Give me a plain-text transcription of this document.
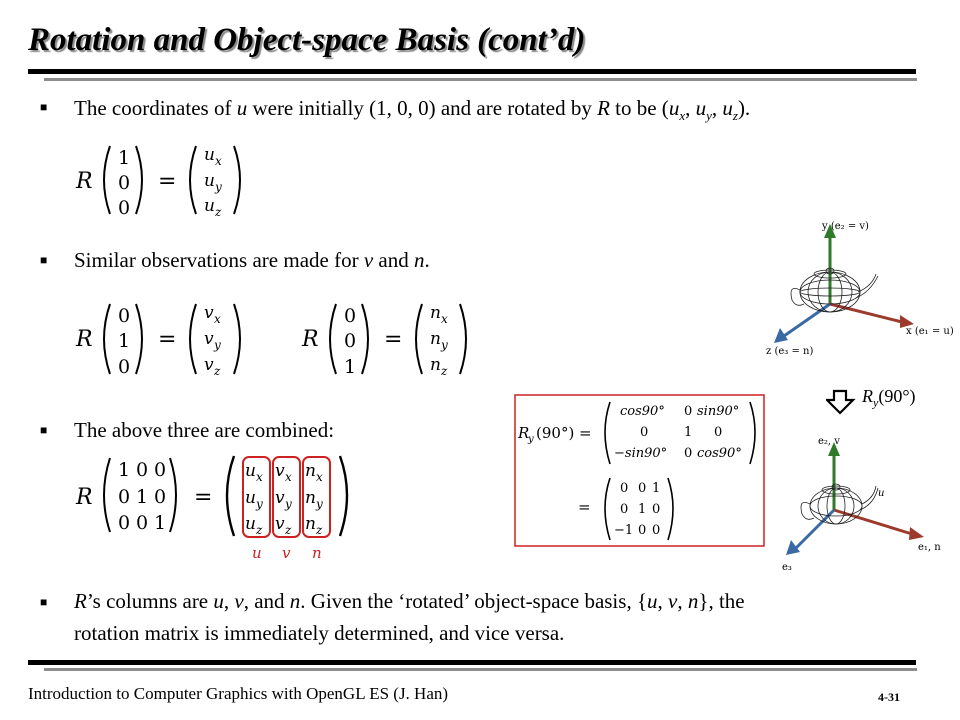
Rotation and Object-space Basis (cont’d)
■ The coordinates of u were initially (1, 0, 0) and are rotated by R to be ($u_x$, $u_y$, $u_z$).
R
1
0
0
=
u x
u y
u z
■ Similar observations are made for v and n.
R
0
1
0
=
v x
v y
v z
R
0
0
1
=
n x
n y
n z
■ The above three are combined:
R
1 0 0
0 1 0
0 0 1
=
u x
u y
u z
v x
v y
v z
n x
n y
n z
u v n
R
y (90°) =
cos90° 0 sin90°
0	1 0
−sin90° 0 cos90°
=
0 0 1
0 1 0
−1 0 0
y (e₂ = v)
x (e₁ = u)
z (e₃ = n)
$R_y(90^\circ)$
e₂, v
u
e₁, n
e₃
■ R’s columns are u, v, and n. Given the ‘rotated’ object-space basis, {u, v, n}, the
rotation matrix is immediately determined, and vice versa.
Introduction to Computer Graphics with OpenGL ES (J. Han)	4-31
